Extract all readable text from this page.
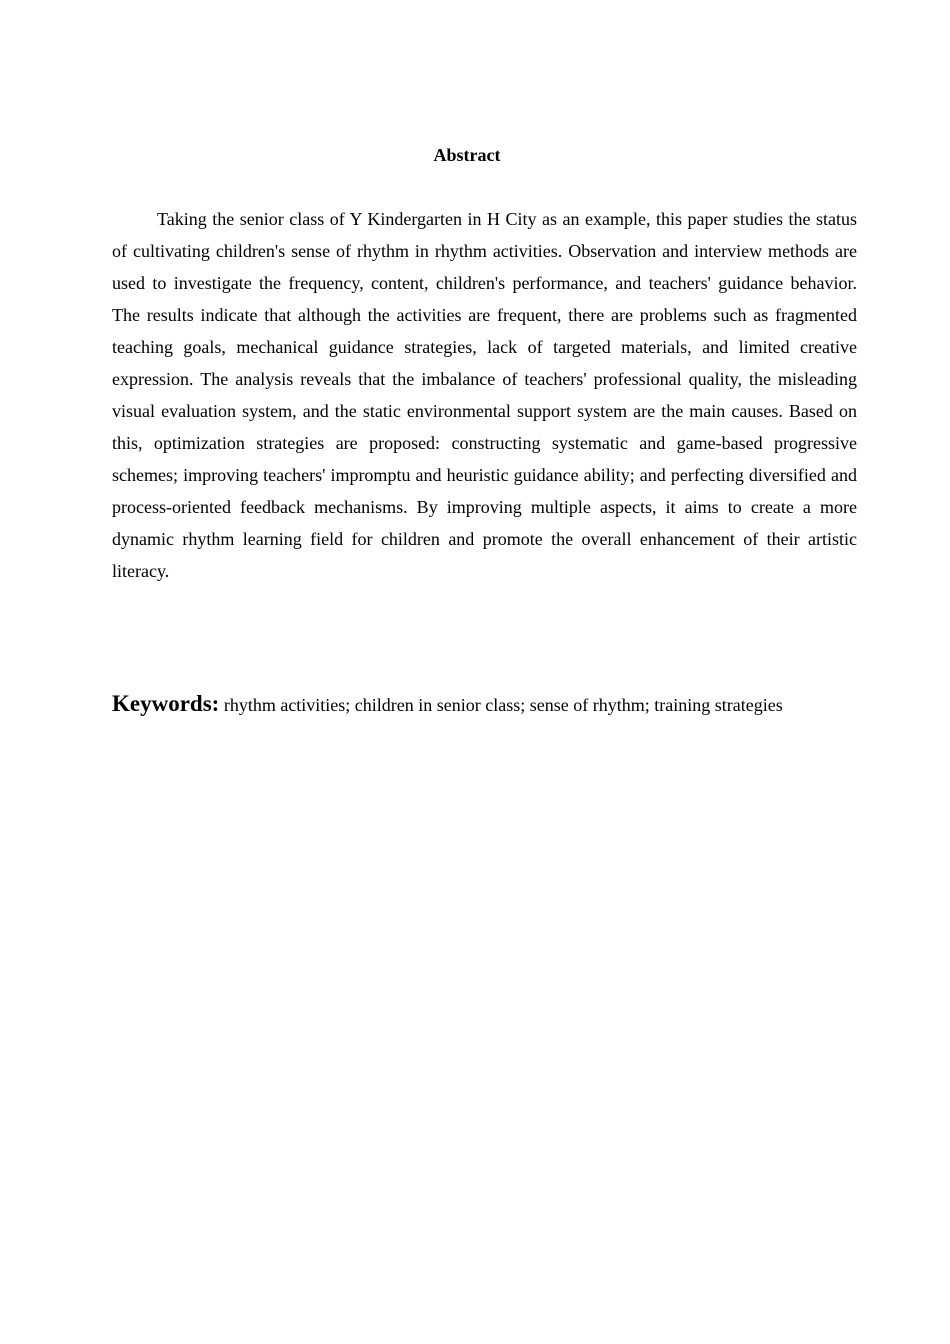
Abstract

Taking the senior class of Y Kindergarten in H City as an example, this paper studies the status of cultivating children's sense of rhythm in rhythm activities. Observation and interview methods are used to investigate the frequency, content, children's performance, and teachers' guidance behavior. The results indicate that although the activities are frequent, there are problems such as fragmented teaching goals, mechanical guidance strategies, lack of targeted materials, and limited creative expression. The analysis reveals that the imbalance of teachers' professional quality, the misleading visual evaluation system, and the static environmental support system are the main causes. Based on this, optimization strategies are proposed: constructing systematic and game-based progressive schemes; improving teachers' impromptu and heuristic guidance ability; and perfecting diversified and process-oriented feedback mechanisms. By improving multiple aspects, it aims to create a more dynamic rhythm learning field for children and promote the overall enhancement of their artistic literacy.

Keywords: rhythm activities; children in senior class; sense of rhythm; training strategies
